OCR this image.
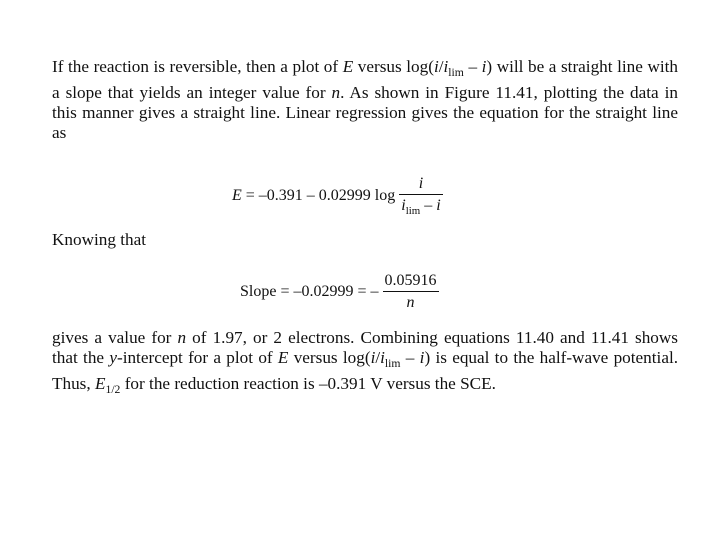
If the reaction is reversible, then a plot of E versus $\log(i/i_{lim} - i)$ will be a straight line with a slope that yields an integer value for n. As shown in Figure 11.41, plotting the data in this manner gives a straight line. Linear regression gives the equation for the straight line as
E = –0.391 – 0.02999 $\log \frac{i}{i_{lim} - i}$
Knowing that
Slope = –0.02999 = – $\frac{0.05916}{n}$
gives a value for n of 1.97, or 2 electrons. Combining equations 11.40 and 11.41 shows that the y-intercept for a plot of E versus $\log(i/i_{lim} - i)$ is equal to the half-wave potential. Thus, $E_{1/2}$ for the reduction reaction is –0.391 V versus the SCE.
